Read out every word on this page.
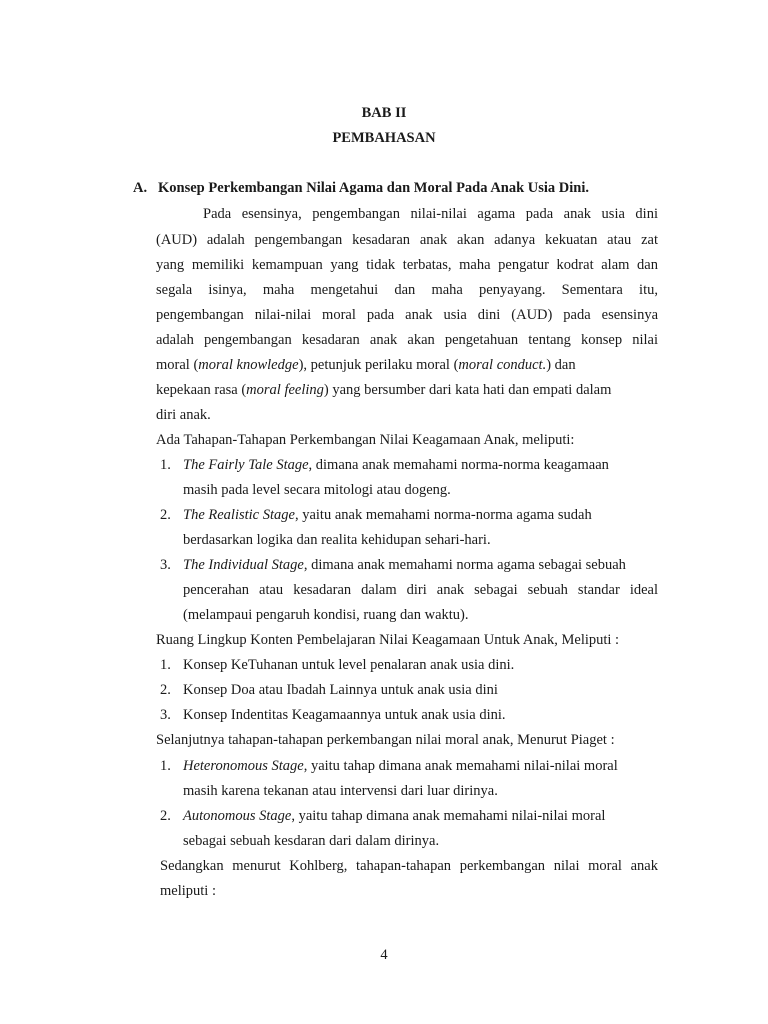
BAB II
PEMBAHASAN
A. Konsep Perkembangan Nilai Agama dan Moral Pada Anak Usia Dini.
Pada esensinya, pengembangan nilai-nilai agama pada anak usia dini
(AUD) adalah pengembangan kesadaran anak akan adanya kekuatan atau zat
yang memiliki kemampuan yang tidak terbatas, maha pengatur kodrat alam dan
segala isinya, maha mengetahui dan maha penyayang. Sementara itu,
pengembangan nilai-nilai moral pada anak usia dini (AUD) pada esensinya
adalah pengembangan kesadaran anak akan pengetahuan tentang konsep nilai
moral (moral knowledge), petunjuk perilaku moral (moral conduct.) dan
kepekaan rasa (moral feeling) yang bersumber dari kata hati dan empati dalam
diri anak.
Ada Tahapan-Tahapan Perkembangan Nilai Keagamaan Anak, meliputi:
1. The Fairly Tale Stage, dimana anak memahami norma-norma keagamaan
masih pada level secara mitologi atau dogeng.
2. The Realistic Stage, yaitu anak memahami norma-norma agama sudah
berdasarkan logika dan realita kehidupan sehari-hari.
3. The Individual Stage, dimana anak memahami norma agama sebagai sebuah
pencerahan atau kesadaran dalam diri anak sebagai sebuah standar ideal
(melampaui pengaruh kondisi, ruang dan waktu).
Ruang Lingkup Konten Pembelajaran Nilai Keagamaan Untuk Anak, Meliputi :
1. Konsep KeTuhanan untuk level penalaran anak usia dini.
2. Konsep Doa atau Ibadah Lainnya untuk anak usia dini
3. Konsep Indentitas Keagamaannya untuk anak usia dini.
Selanjutnya tahapan-tahapan perkembangan nilai moral anak, Menurut Piaget :
1. Heteronomous Stage, yaitu tahap dimana anak memahami nilai-nilai moral
masih karena tekanan atau intervensi dari luar dirinya.
2. Autonomous Stage, yaitu tahap dimana anak memahami nilai-nilai moral
sebagai sebuah kesdaran dari dalam dirinya.
Sedangkan menurut Kohlberg, tahapan-tahapan perkembangan nilai moral anak
meliputi :
4
